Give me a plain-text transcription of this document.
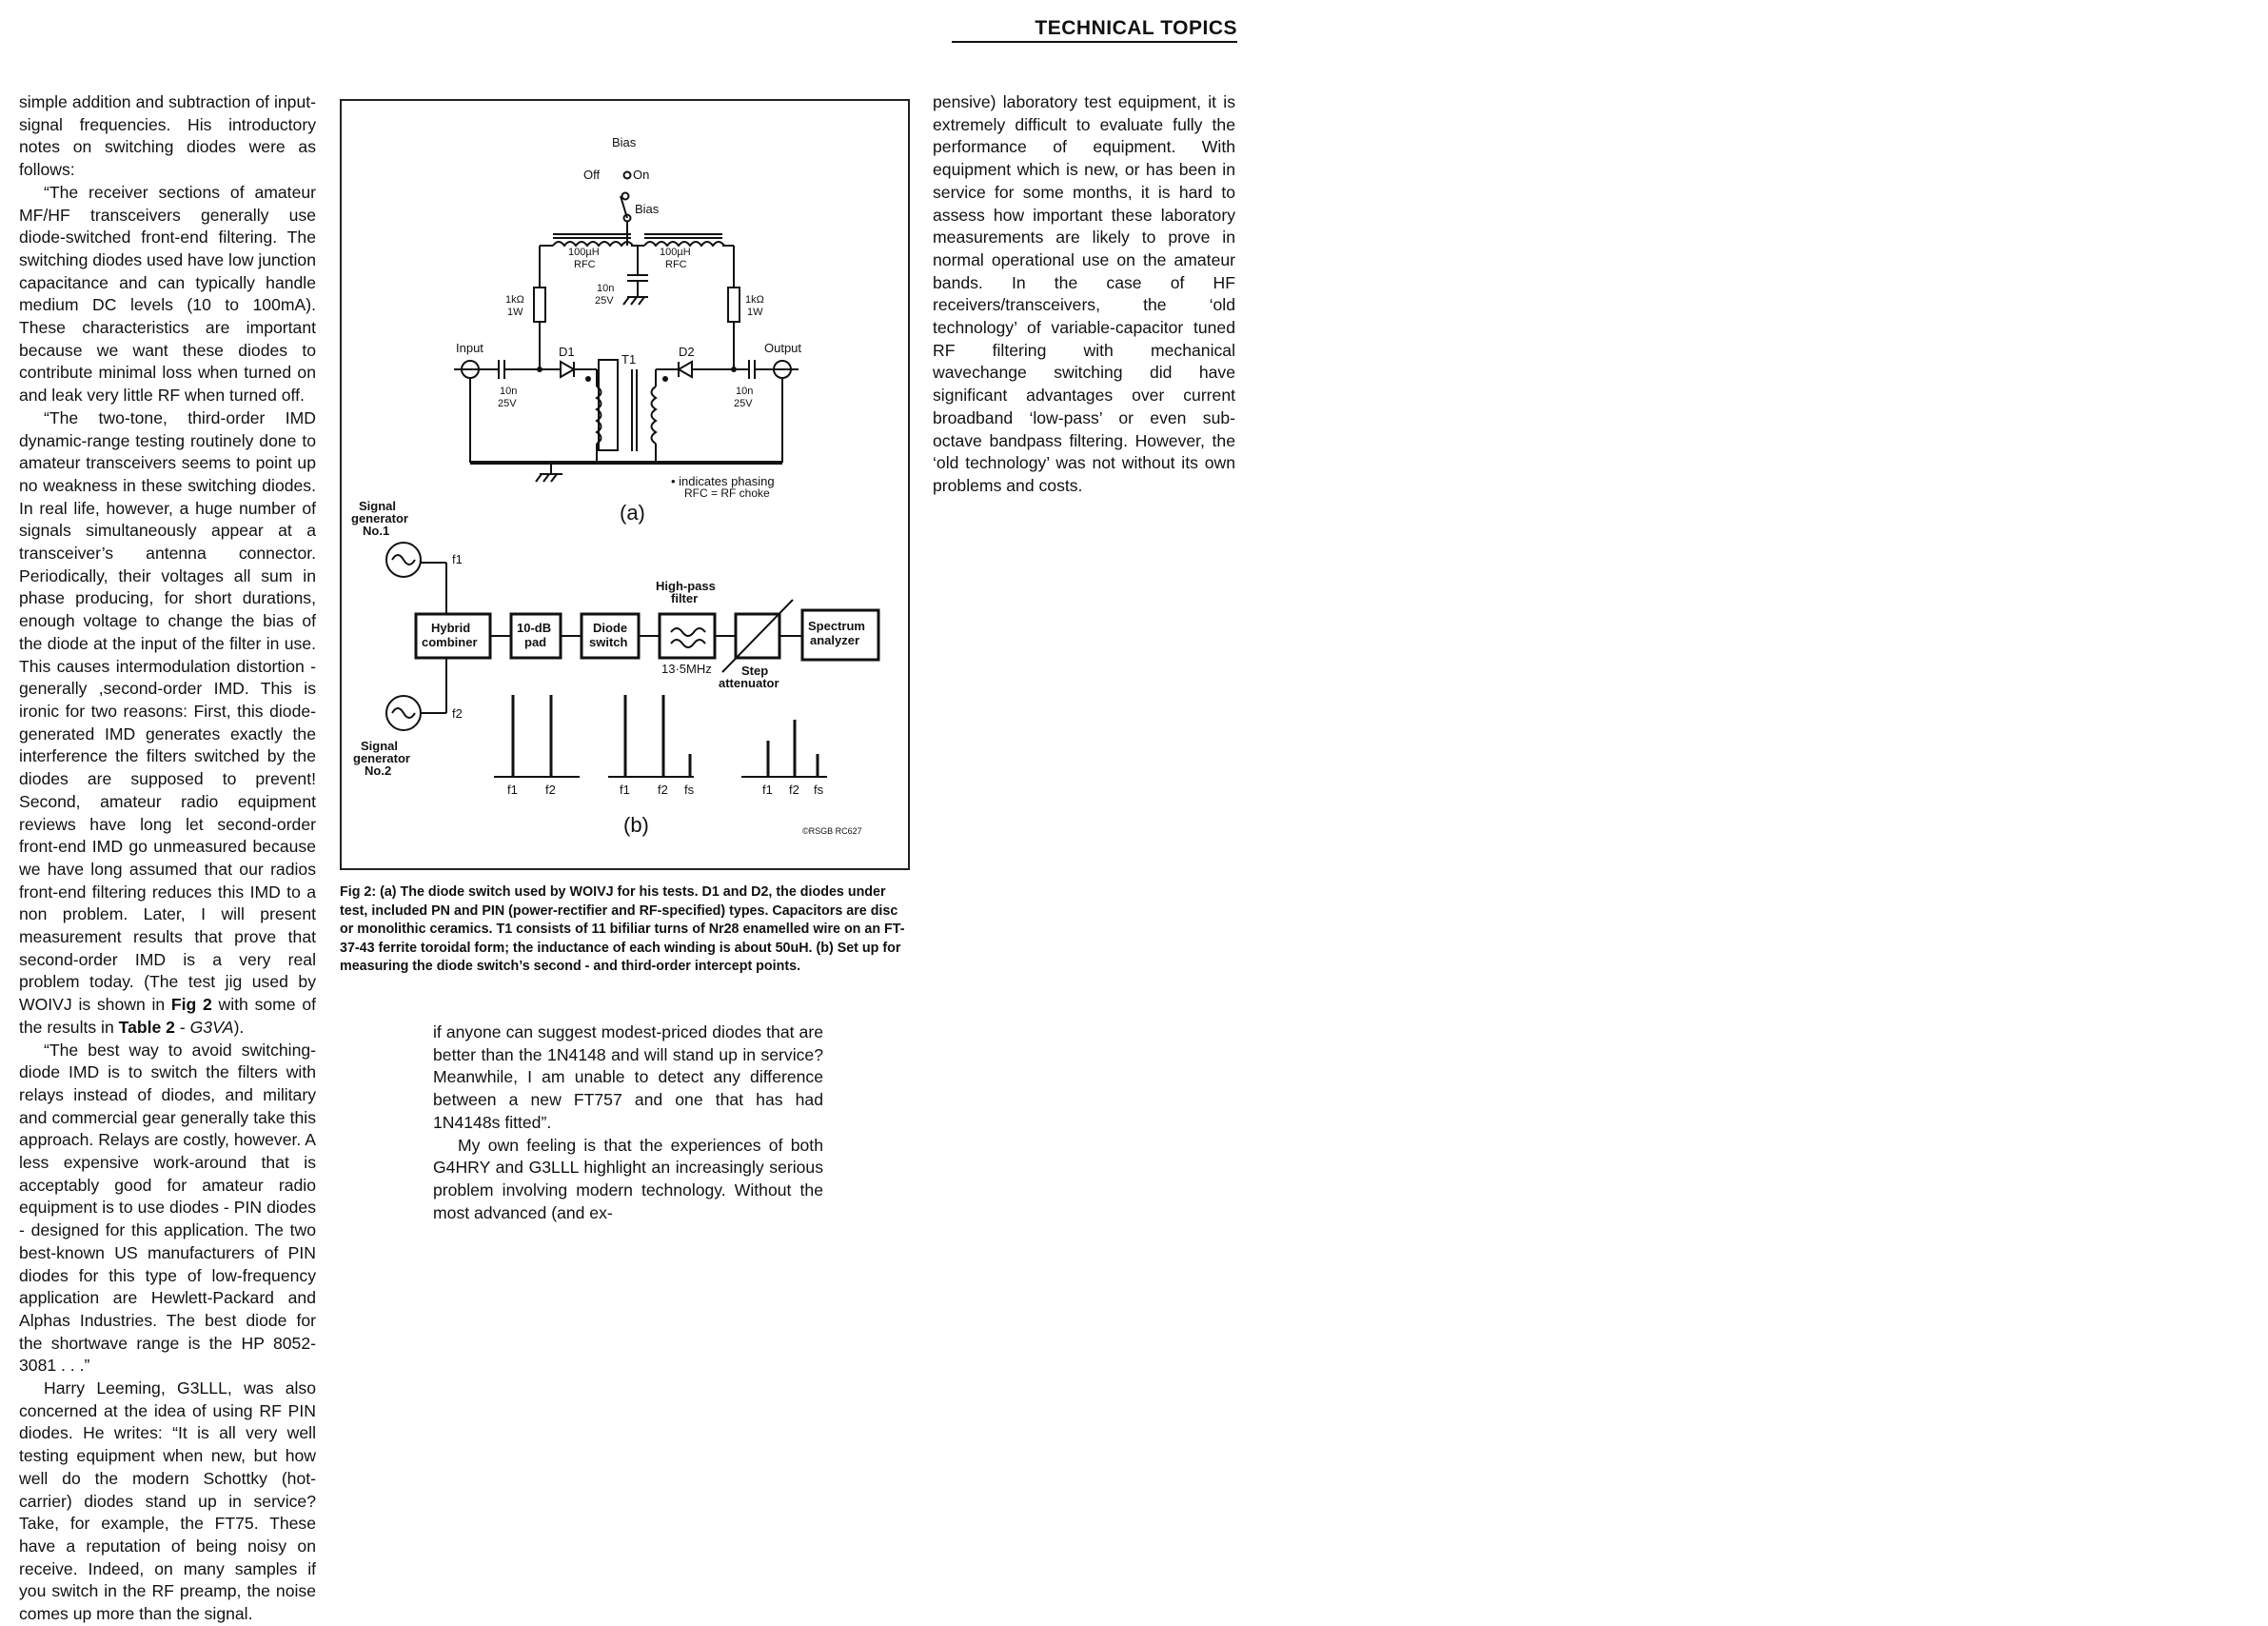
TECHNICAL TOPICS

simple addition and subtraction of input-signal frequencies. His introductory notes on switching diodes were as follows:

“The receiver sections of amateur MF/HF transceivers generally use diode-switched front-end filtering. The switching diodes used have low junction capacitance and can typically handle medium DC levels (10 to 100mA). These characteristics are important because we want these diodes to contribute minimal loss when turned on and leak very little RF when turned off.

“The two-tone, third-order IMD dynamic-range testing routinely done to amateur transceivers seems to point up no weakness in these switching diodes. In real life, however, a huge number of signals simultaneously appear at a transceiver’s antenna connector. Periodically, their voltages all sum in phase producing, for short durations, enough voltage to change the bias of the diode at the input of the filter in use. This causes intermodulation distortion - generally ,second-order IMD. This is ironic for two reasons: First, this diode-generated IMD generates exactly the interference the filters switched by the diodes are supposed to prevent! Second, amateur radio equipment reviews have long let second-order front-end IMD go unmeasured because we have long assumed that our radios front-end filtering reduces this IMD to a non problem. Later, I will present measurement results that prove that second-order IMD is a very real problem today. (The test jig used by WOIVJ is shown in Fig 2 with some of the results in Table 2 - G3VA).

“The best way to avoid switching-diode IMD is to switch the filters with relays instead of diodes, and military and commercial gear generally take this approach. Relays are costly, however. A less expensive work-around that is acceptably good for amateur radio equipment is to use diodes - PIN diodes - designed for this application. The two best-known US manufacturers of PIN diodes for this type of low-frequency application are Hewlett-Packard and Alphas Industries. The best diode for the shortwave range is the HP 8052-3081 . . .”

Harry Leeming, G3LLL, was also concerned at the idea of using RF PIN diodes. He writes: “It is all very well testing equipment when new, but how well do the modern Schottky (hot-carrier) diodes stand up in service? Take, for example, the FT75. These have a reputation of being noisy on receive. Indeed, on many samples if you switch in the RF preamp, the noise comes up more than the signal.

if anyone can suggest modest-priced diodes that are better than the 1N4148 and will stand up in service? Meanwhile, I am unable to detect any difference between a new FT757 and one that has had 1N4148s fitted”.

My own feeling is that the experiences of both G4HRY and G3LLL highlight an increasingly serious problem involving modern technology. Without the most advanced (and ex-

pensive) laboratory test equipment, it is extremely difficult to evaluate fully the performance of equipment. With equipment which is new, or has been in service for some months, it is hard to assess how important these laboratory measurements are likely to prove in normal operational use on the amateur bands. In the case of HF receivers/transceivers, the ‘old technology’ of variable-capacitor tuned RF filtering with mechanical wavechange switching did have significant advantages over current broadband ‘low-pass’ or even sub-octave bandpass filtering. However, the ‘old technology’ was not without its own problems and costs.

Bias
Off	On
Bias
100µH
RFC
100µH
RFC
10n
25V
1kΩ
1W
1kΩ
1W
Input	Output
D1
T1
D2
10n
25V
10n
25V
• indicates phasing
RFC = RF choke
(a)
Signal
generator
No.1
f1
f2
Signal
generator
No.2
Hybrid
combiner
10-dB
pad
Diode
switch
High-pass
filter
13·5MHz Step
attenuator
Spectrum
analyzer
f1 f2	f1 f2 fs	f1 f2 fs
(b)	©RSGB RC627
Fig 2: (a) The diode switch used by WOIVJ for his tests. D1 and D2, the diodes under test, included PN and PIN (power-rectifier and RF-specified) types. Capacitors are disc or monolithic ceramics. T1 consists of 11 bifiliar turns of Nr28 enamelled wire on an FT-37-43 ferrite toroidal form; the inductance of each winding is about 50uH. (b) Set up for measuring the diode switch’s second - and third-order intercept points.
